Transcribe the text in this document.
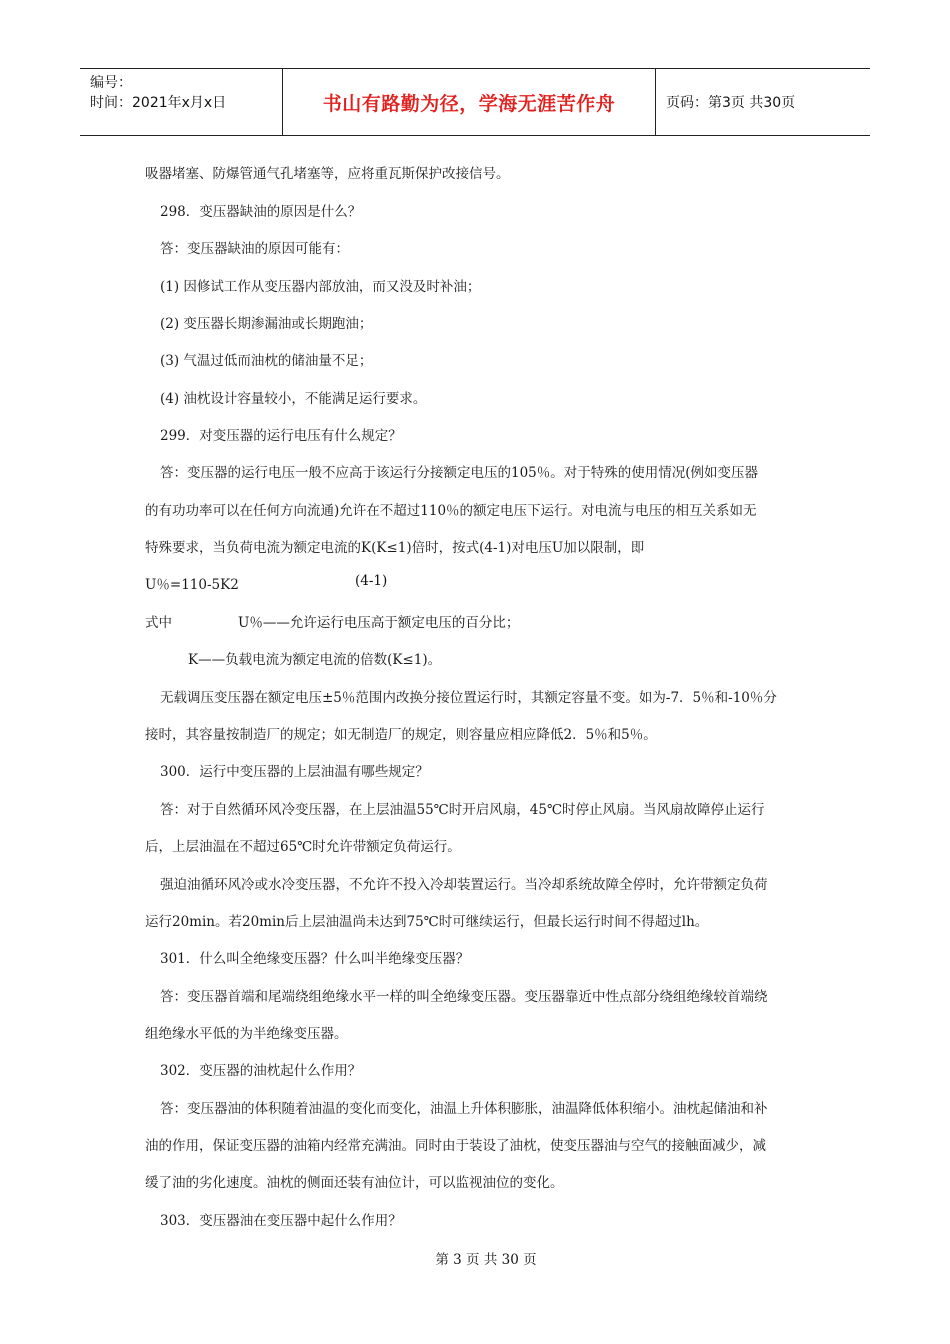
编号：
时间：2021年x月x日	书山有路勤为径，学海无涯苦作舟	页码：第3页 共30页
吸器堵塞、防爆管通气孔堵塞等，应将重瓦斯保护改接信号。
298．变压器缺油的原因是什么？
答：变压器缺油的原因可能有：
(1) 因修试工作从变压器内部放油，而又没及时补油；
(2) 变压器长期渗漏油或长期跑油；
(3) 气温过低而油枕的储油量不足；
(4) 油枕设计容量较小，不能满足运行要求。
299．对变压器的运行电压有什么规定？
答：变压器的运行电压一般不应高于该运行分接额定电压的105％。对于特殊的使用情况(例如变压器
的有功功率可以在任何方向流通)允许在不超过110％的额定电压下运行。对电流与电压的相互关系如无
特殊要求，当负荷电流为额定电流的K(K≤1)倍时，按式(4-1)对电压U加以限制，即
U％=110-5K2	(4-1)
式中	U％——允许运行电压高于额定电压的百分比；
K——负载电流为额定电流的倍数(K≤1)。
无载调压变压器在额定电压±5％范围内改换分接位置运行时，其额定容量不变。如为-7．5％和-10％分
接时，其容量按制造厂的规定；如无制造厂的规定，则容量应相应降低2．5％和5％。
300．运行中变压器的上层油温有哪些规定？
答：对于自然循环风冷变压器，在上层油温55℃时开启风扇，45℃时停止风扇。当风扇故障停止运行
后，上层油温在不超过65℃时允许带额定负荷运行。
强迫油循环风冷或水冷变压器，不允许不投入冷却装置运行。当冷却系统故障全停时，允许带额定负荷
运行20min。若20min后上层油温尚未达到75℃时可继续运行，但最长运行时间不得超过lh。
301．什么叫全绝缘变压器？什么叫半绝缘变压器？
答：变压器首端和尾端绕组绝缘水平一样的叫全绝缘变压器。变压器靠近中性点部分绕组绝缘较首端绕
组绝缘水平低的为半绝缘变压器。
302．变压器的油枕起什么作用？
答：变压器油的体积随着油温的变化而变化，油温上升体积膨胀，油温降低体积缩小。油枕起储油和补
油的作用，保证变压器的油箱内经常充满油。同时由于装设了油枕，使变压器油与空气的接触面减少，减
缓了油的劣化速度。油枕的侧面还装有油位计，可以监视油位的变化。
303．变压器油在变压器中起什么作用？
第 3 页 共 30 页
